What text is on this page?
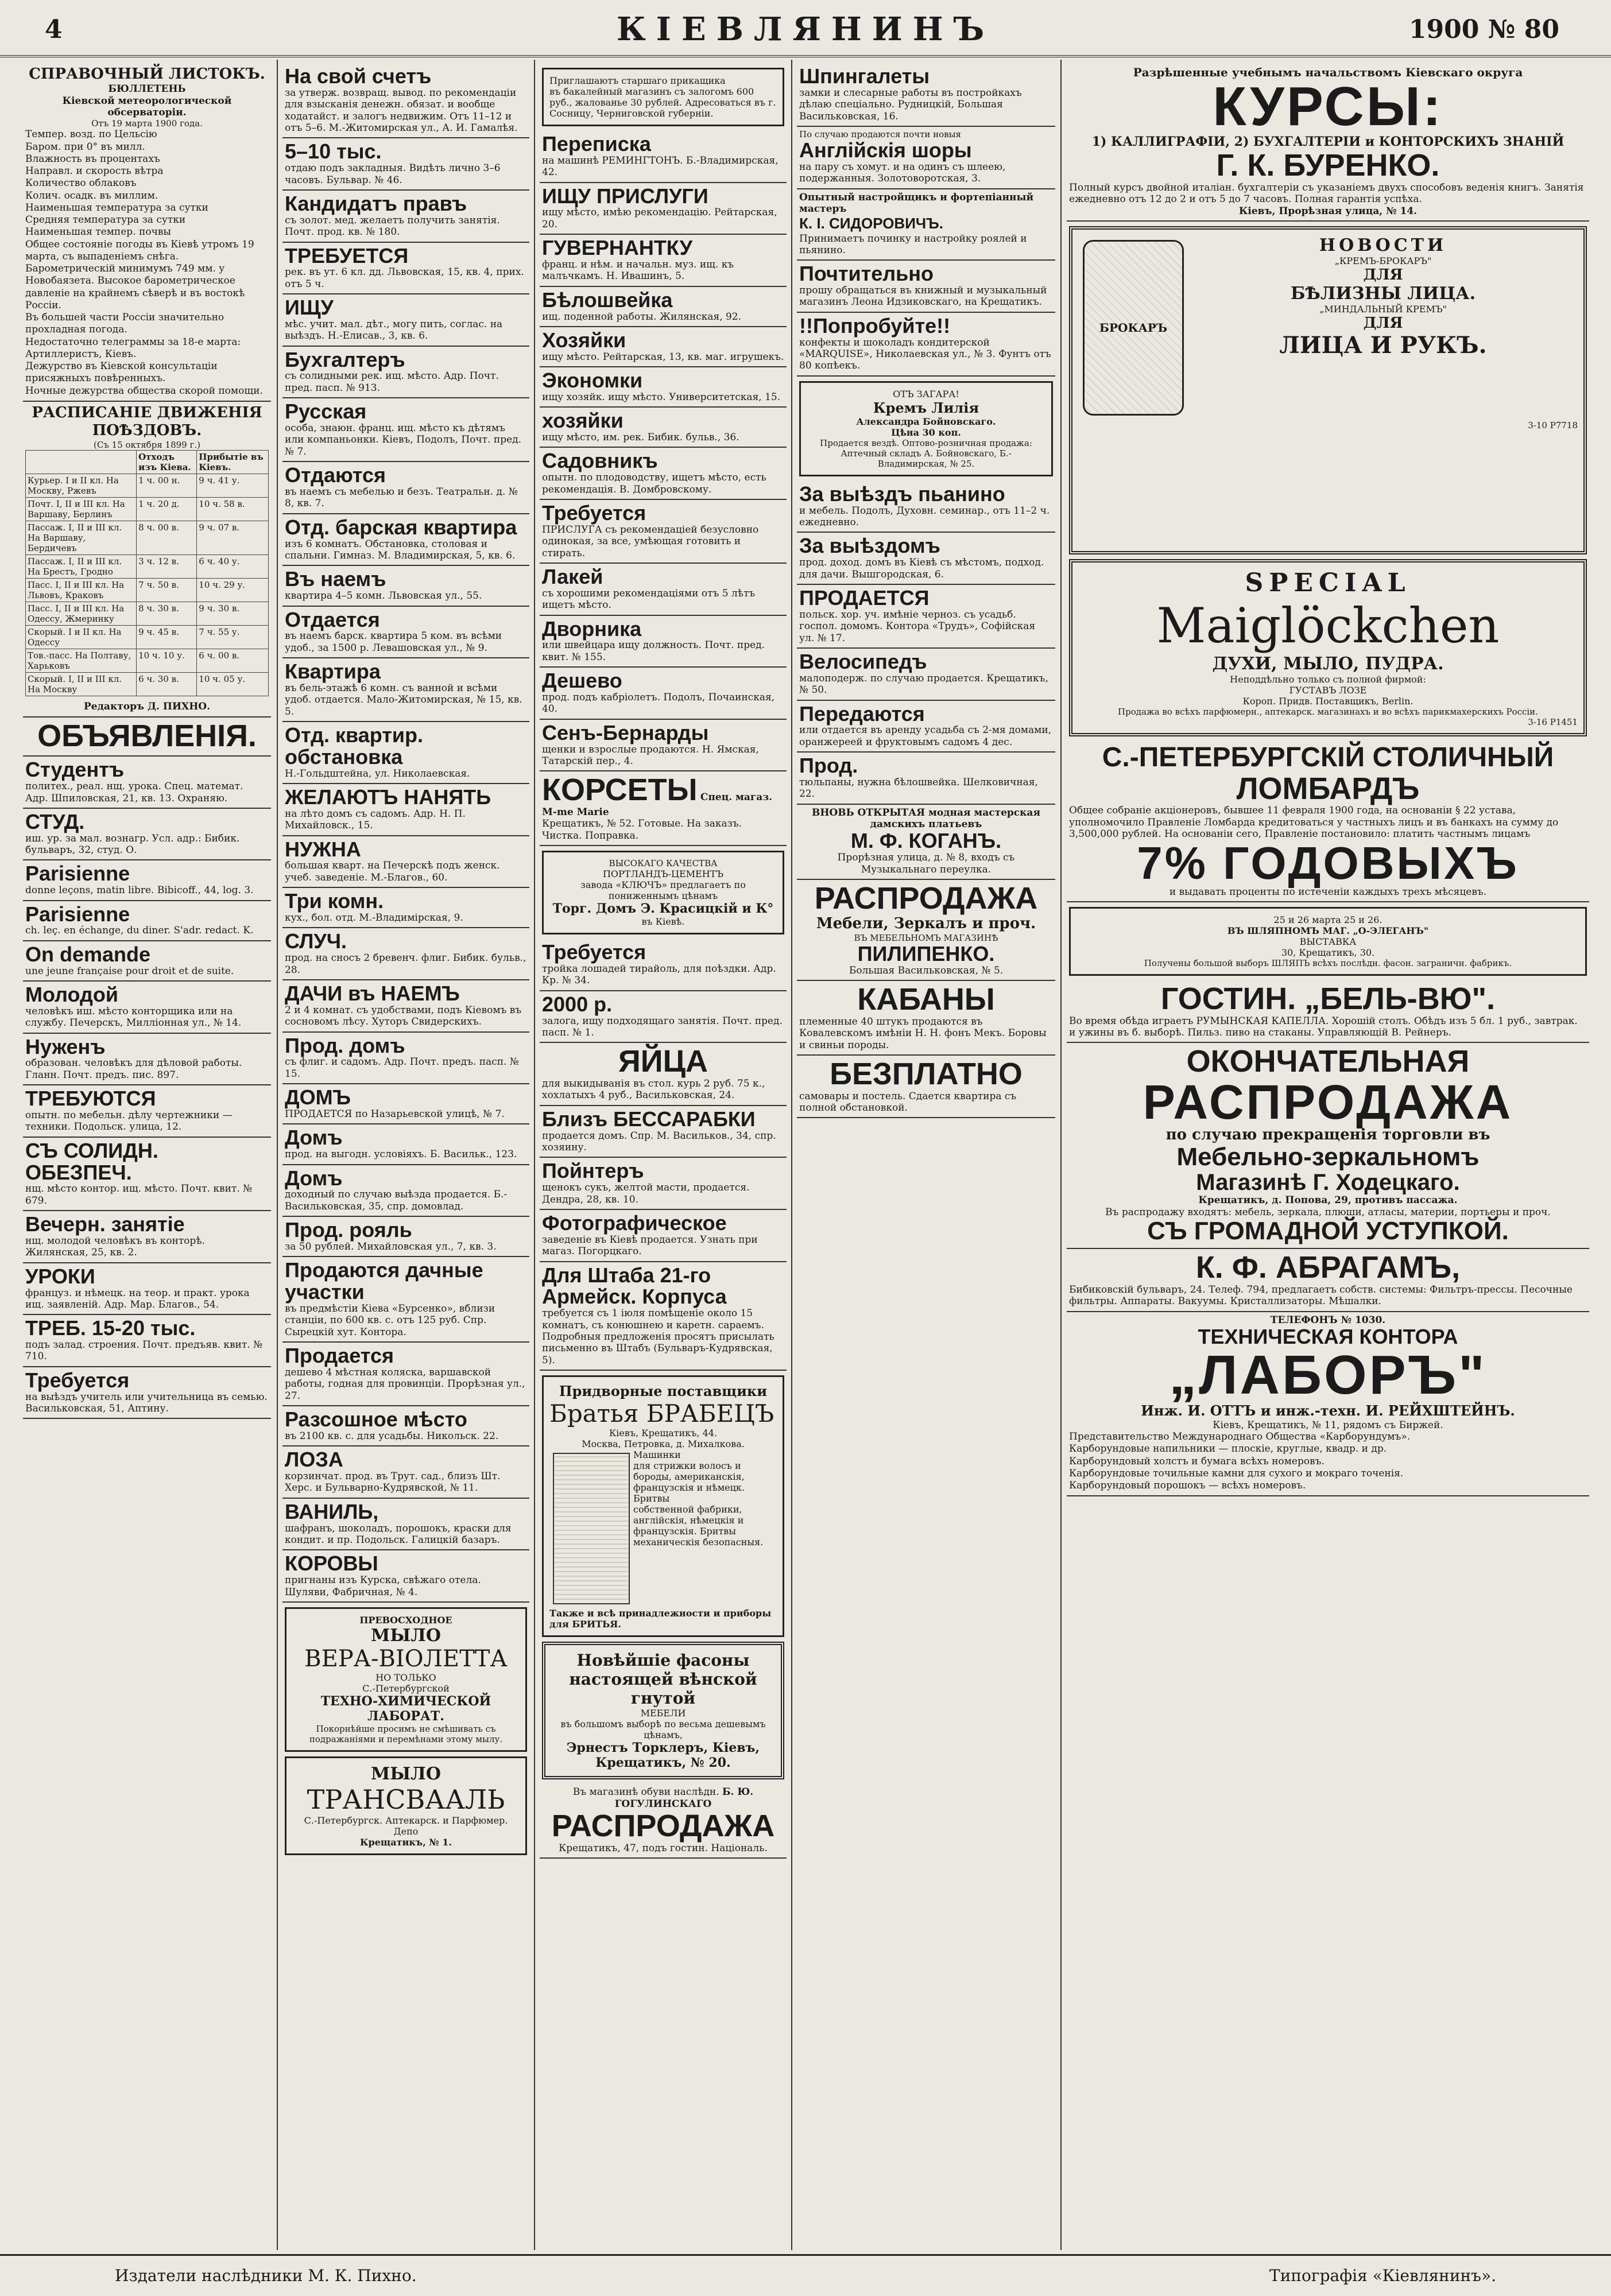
4	КІЕВЛЯНИНЪ	1900 № 80
СПРАВОЧНЫЙ ЛИСТОКЪ.
БЮЛЛЕТЕНЬ
Кіевской метеорологической обсерваторіи.
Отъ 19 марта 1900 года.
Темпер. возд. по Цельсію
Баром. при 0° въ милл.
Влажность въ процентахъ
Направл. и скорость вѣтра
Количество облаковъ
Колич. осадк. въ миллим.
Наименьшая температура за сутки
Средняя температура за сутки
Наименьшая темпер. почвы
Общее состояніе погоды въ Кіевѣ утромъ 19 марта, съ выпаденіемъ снѣга.
Барометрическій минимумъ 749 мм. у Новобаязета. Высокое барометрическое давленіе на крайнемъ сѣверѣ и въ востокѣ Россіи.
Въ большей части Россіи значительно прохладная погода.
Недостаточно телеграммы за 18-е марта: Артиллеристъ, Кіевъ.
Дежурство въ Кіевской консультаціи присяжныхъ повѣренныхъ.
Ночные дежурства общества скорой помощи.
РАСПИСАНІЕ ДВИЖЕНІЯ ПОѢЗДОВЪ.
(Съ 15 октября 1899 г.)
	Отходъ изъ Кіева.	Прибытіе въ Кіевъ.
Курьер. I и II кл. На Москву, Ржевъ	1 ч. 00 н.	9 ч. 41 у.
Почт. I, II и III кл. На Варшаву, Берлинъ	1 ч. 20 д.	10 ч. 58 в.
Пассаж. I, II и III кл. На Варшаву, Бердичевъ	8 ч. 00 в.	9 ч. 07 в.
Пассаж. I, II и III кл. На Брестъ, Гродно	3 ч. 12 в.	6 ч. 40 у.
Пасс. I, II и III кл. На Львовъ, Краковъ	7 ч. 50 в.	10 ч. 29 у.
Пасс. I, II и III кл. На Одессу, Жмеринку	8 ч. 30 в.	9 ч. 30 в.
Скорый. I и II кл. На Одессу	9 ч. 45 в.	7 ч. 55 у.
Тов.-пасс. На Полтаву, Харьковъ	10 ч. 10 у.	6 ч. 00 в.
Скорый. I, II и III кл. На Москву	6 ч. 30 в.	10 ч. 05 у.
Редакторъ Д. ПИХНО.
ОБЪЯВЛЕНІЯ.
Студентъ
политех., реал. нщ. урока. Спец. математ. Адр. Шпиловская, 21, кв. 13. Охраняю.
СТУД.
иш. ур. за мал. вознагр. Усл. адр.: Бибик. бульваръ, 32, студ. О.
Parisienne
donne leçons, matin libre. Bibicoff., 44, log. 3.
Parisienne
ch. leç. en échange, du diner. S'adr. redact. K.
On demande
une jeune française pour droit et de suite.
Молодой
человѣкъ иш. мѣсто конторщика или на службу. Печерскъ, Милліонная ул., № 14.
Нуженъ
образован. человѣкъ для дѣловой работы. Гланн. Почт. предъ. пис. 897.
ТРЕБУЮТСЯ
опытн. по мебельн. дѣлу чертежники — техники. Подольск. улица, 12.
СЪ СОЛИДН. ОБЕЗПЕЧ.
нщ. мѣсто контор. ищ. мѣсто. Почт. квит. № 679.
Вечерн. занятіе
нщ. молодой человѣкъ въ конторѣ. Жилянская, 25, кв. 2.
УРОКИ
француз. и нѣмецк. на теор. и практ. урока ищ. заявленій. Адр. Мар. Благов., 54.
ТРЕБ. 15-20 тыс.
подъ залад. строения. Почт. предъяв. квит. № 710.
Требуется
на выѣздъ учитель или учительница въ семью. Васильковская, 51, Аптину.
На свой счетъ
за утверж. возвращ. вывод. по рекомендаціи для взысканія денежн. обязат. и вообще ходатайст. и залогъ недвижим. Отъ 11–12 и отъ 5–6. М.-Житомирская ул., А. И. Гамалѣя.
5–10 тыс.
отдаю подъ закладныя. Видѣть лично 3–6 часовъ. Бульвар. № 46.
Кандидатъ правъ
съ золот. мед. желаетъ получить занятія. Почт. прод. кв. № 180.
ТРЕБУЕТСЯ
рек. въ ут. 6 кл. дд. Львовская, 15, кв. 4, прих. отъ 5 ч.
ИЩУ
мѣс. учит. мал. дѣт., могу пить, соглас. на выѣздъ. Н.-Елисав., 3, кв. 6.
Бухгалтеръ
съ солидными рек. ищ. мѣсто. Адр. Почт. пред. пасп. № 913.
Русская
особа, знаюн. франц. ищ. мѣсто къ дѣтямъ или компаньонки. Кіевъ, Подолъ, Почт. пред. № 7.
Отдаются
въ наемъ съ мебелью и безъ. Театральн. д. № 8, кв. 7.
Отд. барская квартира
изъ 6 комнатъ. Обстановка, столовая и спальни. Гимназ. М. Владимирская, 5, кв. 6.
Въ наемъ
квартира 4–5 комн. Львовская ул., 55.
Отдается
въ наемъ барск. квартира 5 ком. въ всѣми удоб., за 1500 р. Левашовская ул., № 9.
Квартира
въ бель-этажѣ 6 комн. съ ванной и всѣми удоб. отдается. Мало-Житомирская, № 15, кв. 5.
Отд. квартир. обстановка
Н.-Гольдштейна, ул. Николаевская.
ЖЕЛАЮТЪ НАНЯТЬ
на лѣто домъ съ садомъ. Адр. Н. П. Михайловск., 15.
НУЖНА
большая кварт. на Печерскѣ подъ женск. учеб. заведеніе. М.-Благов., 60.
Три комн.
кух., бол. отд. М.-Владимірская, 9.
СЛУЧ.
прод. на сносъ 2 бревенч. флиг. Бибик. бульв., 28.
ДАЧИ въ НАЕМЪ
2 и 4 комнат. съ удобствами, подъ Кіевомъ въ сосновомъ лѣсу. Хуторъ Свидерскихъ.
Прод. домъ
съ флиг. и садомъ. Адр. Почт. предъ. пасп. № 15.
ДОМЪ
ПРОДАЕТСЯ по Назарьевской улицѣ, № 7.
Домъ
прод. на выгодн. условіяхъ. Б. Васильк., 123.
Домъ
доходный по случаю выѣзда продается. Б.-Васильковская, 35, спр. домовлад.
Прод. рояль
за 50 рублей. Михайловская ул., 7, кв. 3.
Продаются дачные участки
въ предмѣстіи Кіева «Бурсенко», вблизи станціи, по 600 кв. с. отъ 125 руб. Спр. Сырецкій хут. Контора.
Продается
дешево 4 мѣстная коляска, варшавской работы, годная для провинціи. Прорѣзная ул., 27.
Разсошное мѣсто
въ 2100 кв. с. для усадьбы. Никольск. 22.
ЛОЗА
корзинчат. прод. въ Трут. сад., близъ Шт. Херс. и Бульварно-Кудрявской, № 11.
ВАНИЛЬ,
шафранъ, шоколадъ, порошокъ, краски для кондит. и пр. Подольск. Галицкій базаръ.
КОРОВЫ
пригнаны изъ Курска, свѣжаго отела. Шуляви, Фабричная, № 4.
ПРЕВОСХОДНОЕ
МЫЛО
ВЕРА-ВІОЛЕТТА
НО ТОЛЬКО
С.-Петербургской
ТЕХНО-ХИМИЧЕСКОЙ ЛАБОРАТ.
Покорнѣйше просимъ не смѣшивать съ подражаніями и перемѣнами этому мылу.
МЫЛО
ТРАНСВААЛЬ
С.-Петербургск. Аптекарск. и Парфюмер. Депо
Крещатикъ, № 1.
Приглашаютъ старшаго прикащика
въ бакалейный магазинъ съ залогомъ 600 руб., жалованье 30 рублей. Адресоваться въ г. Сосницу, Черниговской губерніи.
Переписка
на машинѣ РЕМИНГТОНЪ. Б.-Владимирская, 42.
ИЩУ ПРИСЛУГИ
ищу мѣсто, имѣю рекомендацію. Рейтарская, 20.
ГУВЕРНАНТКУ
франц. и нѣм. и начальн. муз. ищ. къ малъчкамъ. Н. Ивашинъ, 5.
Бѣлошвейка
ищ. поденной работы. Жилянская, 92.
Хозяйки
ищу мѣсто. Рейтарская, 13, кв. маг. игрушекъ.
Экономки
ищу хозяйк. ищу мѣсто. Университетская, 15.
хозяйки
ищу мѣсто, им. рек. Бибик. бульв., 36.
Садовникъ
опытн. по плодоводству, ищетъ мѣсто, есть рекомендація. В. Домбровскому.
Требуется
ПРИСЛУГА съ рекомендаціей безусловно одинокая, за все, умѣющая готовить и стирать.
Лакей
съ хорошими рекомендаціями отъ 5 лѣтъ ищетъ мѣсто.
Дворника
или швейцара ищу должность. Почт. пред. квит. № 155.
Дешево
прод. подъ кабріолетъ. Подолъ, Почаинская, 40.
Сенъ-Бернарды
щенки и взрослые продаются. Н. Ямская, Татарскій пер., 4.
КОРСЕТЫ Спец. магаз. M-me Marie
Крещатикъ, № 52. Готовые. На заказъ. Чистка. Поправка.
ВЫСОКАГО КАЧЕСТВА
ПОРТЛАНДЪ-ЦЕМЕНТЪ
завода «КЛЮЧЪ» предлагаетъ по пониженнымъ цѣнамъ
Торг. Домъ Э. Красицкій и К°
въ Кіевѣ.
Требуется
тройка лошадей тирайоль, для поѣздки. Адр. Кр. № 34.
2000 р.
залога, ищу подходящаго занятія. Почт. пред. пасп. № 1.
ЯЙЦА
для выкидыванія въ стол. курь 2 руб. 75 к., хохлатыхъ 4 руб., Васильковская, 24.
Близъ БЕССАРАБКИ
продается домъ. Спр. М. Васильков., 34, спр. хозяину.
Пойнтеръ
щенокъ сукъ, желтой масти, продается. Дендра, 28, кв. 10.
Фотографическое
заведеніе въ Кіевѣ продается. Узнать при магаз. Погорцкаго.
Для Штаба 21-го Армейск. Корпуса
требуется съ 1 іюля помѣщеніе около 15 комнатъ, съ конюшнею и каретн. сараемъ. Подробныя предложенія просятъ присылать письменно въ Штабъ (Бульваръ-Кудрявская, 5).
Придворные поставщики
Братья БРАБЕЦЪ
Кіевъ, Крещатикъ, 44.
Москва, Петровка, д. Михалкова.
Машинки
для стрижки волосъ и бороды, американскія, французскія и нѣмецк.
Бритвы
собственной фабрики, англійскія, нѣмецкія и французскія. Бритвы механическія безопасныя.
Также и всѣ принадлежности и приборы для БРИТЬЯ.
Новѣйшіе фасоны
настоящей вѣнской гнутой
МЕБЕЛИ
въ большомъ выборѣ по весьма дешевымъ цѣнамъ,
Эрнестъ Торклеръ, Кіевъ, Крещатикъ, № 20.
Въ магазинѣ обуви наслѣдн. Б. Ю. ГОГУЛИНСКАГО
РАСПРОДАЖА
Крещатикъ, 47, подъ гостин. Національ.
Шпингалеты
замки и слесарные работы въ постройкахъ дѣлаю спеціально. Рудницкій, Большая Васильковская, 16.
По случаю продаются почти новыя
Англійскія шоры
на пару съ хомут. и на одинъ съ шлеею, подержанныя. Золотоворотская, 3.
Опытный настройщикъ и фортепіанный мастеръ
К. І. СИДОРОВИЧЪ.
Принимаетъ починку и настройку роялей и пьянино.
Почтительно
прошу обращаться въ книжный и музыкальный магазинъ Леона Идзиковскаго, на Крещатикъ.
!!Попробуйте!!
конфекты и шоколадъ кондитерской «MARQUISE», Николаевская ул., № 3. Фунтъ отъ 80 копѣекъ.
ОТЪ ЗАГАРА!
Кремъ Лилія
Александра Бойновскаго.
Цѣна 30 коп.
Продается вездѣ. Оптово-розничная продажа: Аптечный складъ А. Бойновскаго, Б.-Владимирская, № 25.
За выѣздъ пьанино
и мебель. Подолъ, Духовн. семинар., отъ 11–2 ч. ежедневно.
За выѣздомъ
прод. доход. домъ въ Кіевѣ съ мѣстомъ, подход. для дачи. Вышгородская, 6.
ПРОДАЕТСЯ
польск. хор. уч. имѣніе черноз. съ усадьб. госпол. домомъ. Контора «Трудъ», Софійская ул. № 17.
Велосипедъ
малоподерж. по случаю продается. Крещатикъ, № 50.
Передаются
или отдается въ аренду усадьба съ 2-мя домами, оранжереей и фруктовымъ садомъ 4 дес.
Прод.
тюльпаны, нужна бѣлошвейка. Шелковичная, 22.
ВНОВЬ ОТКРЫТАЯ модная мастерская дамскихъ платьевъ
М. Ф. КОГАНЪ.
Прорѣзная улица, д. № 8, входъ съ Музыкальнаго переулка.
РАСПРОДАЖА
Мебели, Зеркалъ и проч.
ВЪ МЕБЕЛЬНОМЪ МАГАЗИНѢ
ПИЛИПЕНКО.
Большая Васильковская, № 5.
КАБАНЫ
племенные 40 штукъ продаются въ Ковалевскомъ имѣніи Н. Н. фонъ Мекъ. Боровы и свиньи породы.
БЕЗПЛАТНО
самовары и постель. Сдается квартира съ полной обстановкой.
Разрѣшенные учебнымъ начальствомъ Кіевскаго округа
КУРСЫ:
1) КАЛЛИГРАФІИ, 2) БУХГАЛТЕРІИ и КОНТОРСКИХЪ ЗНАНІЙ
Г. К. БУРЕНКО.
Полный курсъ двойной италіан. бухгалтеріи съ указаніемъ двухъ способовъ веденія книгъ. Занятія ежедневно отъ 12 до 2 и отъ 5 до 7 часовъ. Полная гарантія успѣха.
Кіевъ, Прорѣзная улица, № 14.
БРОКАРЪ
НОВОСТИ
„КРЕМЪ-БРОКАРЪ"
ДЛЯ
БѢЛИЗНЫ ЛИЦА.
„МИНДАЛЬНЫЙ КРЕМЪ"
ДЛЯ
ЛИЦА И РУКЪ.
3-10 Р7718
SPECIAL
Maiglöckchen
ДУХИ, МЫЛО, ПУДРА.
Неподдѣльно только съ полной фирмой:
ГУСТАВЪ ЛОЗЕ
Короп. Придв. Поставщикъ, Berlin.
Продажа во всѣхъ парфюмерн., аптекарск. магазинахъ и во всѣхъ парикмахерскихъ Россіи.
3-16 Р1451
С.-ПЕТЕРБУРГСКІЙ СТОЛИЧНЫЙ
ЛОМБАРДЪ
Общее собраніе акціонеровъ, бывшее 11 февраля 1900 года, на основаніи § 22 устава, уполномочило Правленіе Ломбарда кредитоваться у частныхъ лицъ и въ банкахъ на сумму до 3,500,000 рублей. На основаніи сего, Правленіе постановило: платить частнымъ лицамъ
7% ГОДОВЫХЪ
и выдавать проценты по истеченіи каждыхъ трехъ мѣсяцевъ.
25 и 26 марта 25 и 26.
ВЪ ШЛЯПНОМЪ МАГ. „О-ЭЛЕГАНЪ"
ВЫСТАВКА
30, Крещатикъ, 30.
Получены большой выборъ ШЛЯПЪ всѣхъ послѣдн. фасон. заграничн. фабрикъ.
ГОСТИН. „БЕЛЬ-ВЮ".
Во время обѣда играетъ РУМЫНСКАЯ КАПЕЛЛА. Хорошій столъ. Обѣдъ изъ 5 бл. 1 руб., завтрак. и ужины въ б. выборѣ. Пильз. пиво на стаканы. Управляющій В. Рейнеръ.
ОКОНЧАТЕЛЬНАЯ
РАСПРОДАЖА
по случаю прекращенія торговли въ
Мебельно-зеркальномъ
Магазинѣ Г. Ходецкаго.
Крещатикъ, д. Попова, 29, противъ пассажа.
Въ распродажу входятъ: мебель, зеркала, плюши, атласы, материи, портьеры и проч.
СЪ ГРОМАДНОЙ УСТУПКОЙ.
К. Ф. АБРАГАМЪ,
Бибиковскій бульваръ, 24. Телеф. 794, предлагаетъ собств. системы: Фильтръ-прессы. Песочные фильтры. Аппараты. Вакуумы. Кристаллизаторы. Мѣшалки.
ТЕЛЕФОНЪ № 1030.
ТЕХНИЧЕСКАЯ КОНТОРА
„ЛАБОРЪ"
Инж. И. ОТТЪ и инж.-техн. И. РЕЙХШТЕЙНЪ.
Кіевъ, Крещатикъ, № 11, рядомъ съ Биржей.
Представительство Международнаго Общества «Карборундумъ».
Карборундовые напильники — плоскіе, круглые, квадр. и др.
Карборундовый холстъ и бумага всѣхъ номеровъ.
Карборундовые точильные камни для сухого и мокраго точенія.
Карборундовый порошокъ — всѣхъ номеровъ.
Издатели наслѣдники М. К. Пихно.	Типографія «Кіевлянинъ».
